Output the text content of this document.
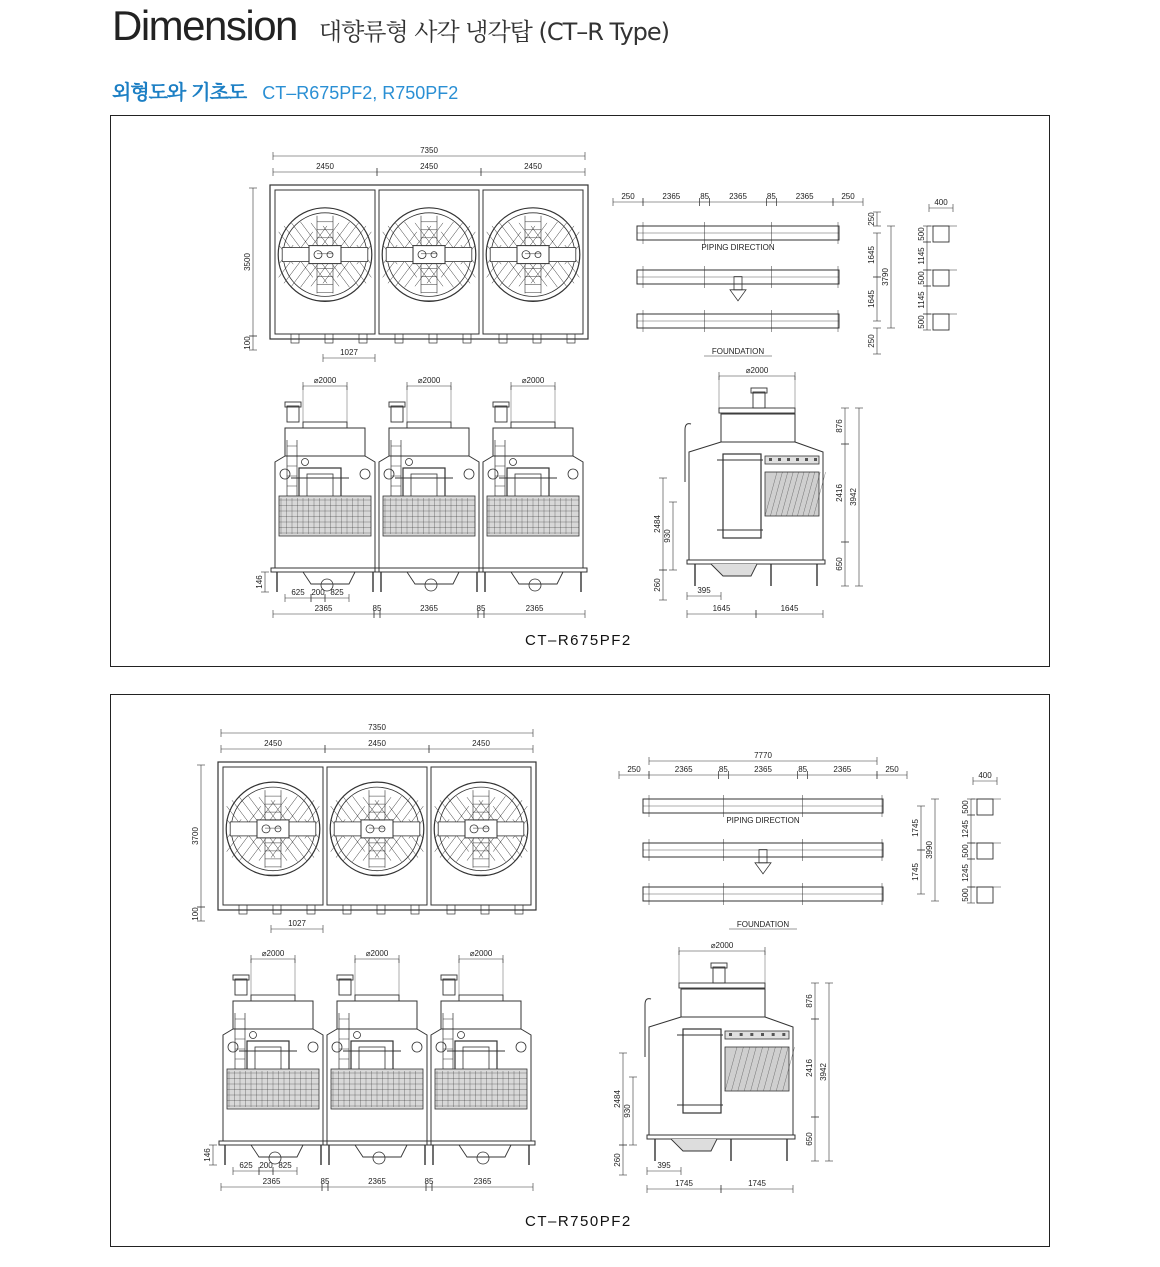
Dimension 대향류형 사각 냉각탑 (CT–R Type)
외형도와 기초도 CT–R675PF2, R750PF2
7350
2450	2450	2450
3500
100
1027
250	2365 85 2365 85 2365	250
PIPING DIRECTION
FOUNDATION
250
1645
1645
3790
250
400
500
1145
500
1145
500
⌀2000	⌀2000	⌀2000
625 200 825
146
2365	85	2365	85	2365
⌀2000
876
2416
650
3942
2484
930
260	395
1645	1645
CT–R675PF2
7350
2450	2450	2450
3700
100
1027
7770
250	2365	85	2365	85	2365	250
PIPING DIRECTION
FOUNDATION
1745
1745
3990
400
500
1245
500
1245
500
⌀2000	⌀2000	⌀2000
625 200 825
146
2365	85	2365	85	2365
⌀2000
876
2416
650
3942
2484
930
260	395
1745	1745
CT–R750PF2
